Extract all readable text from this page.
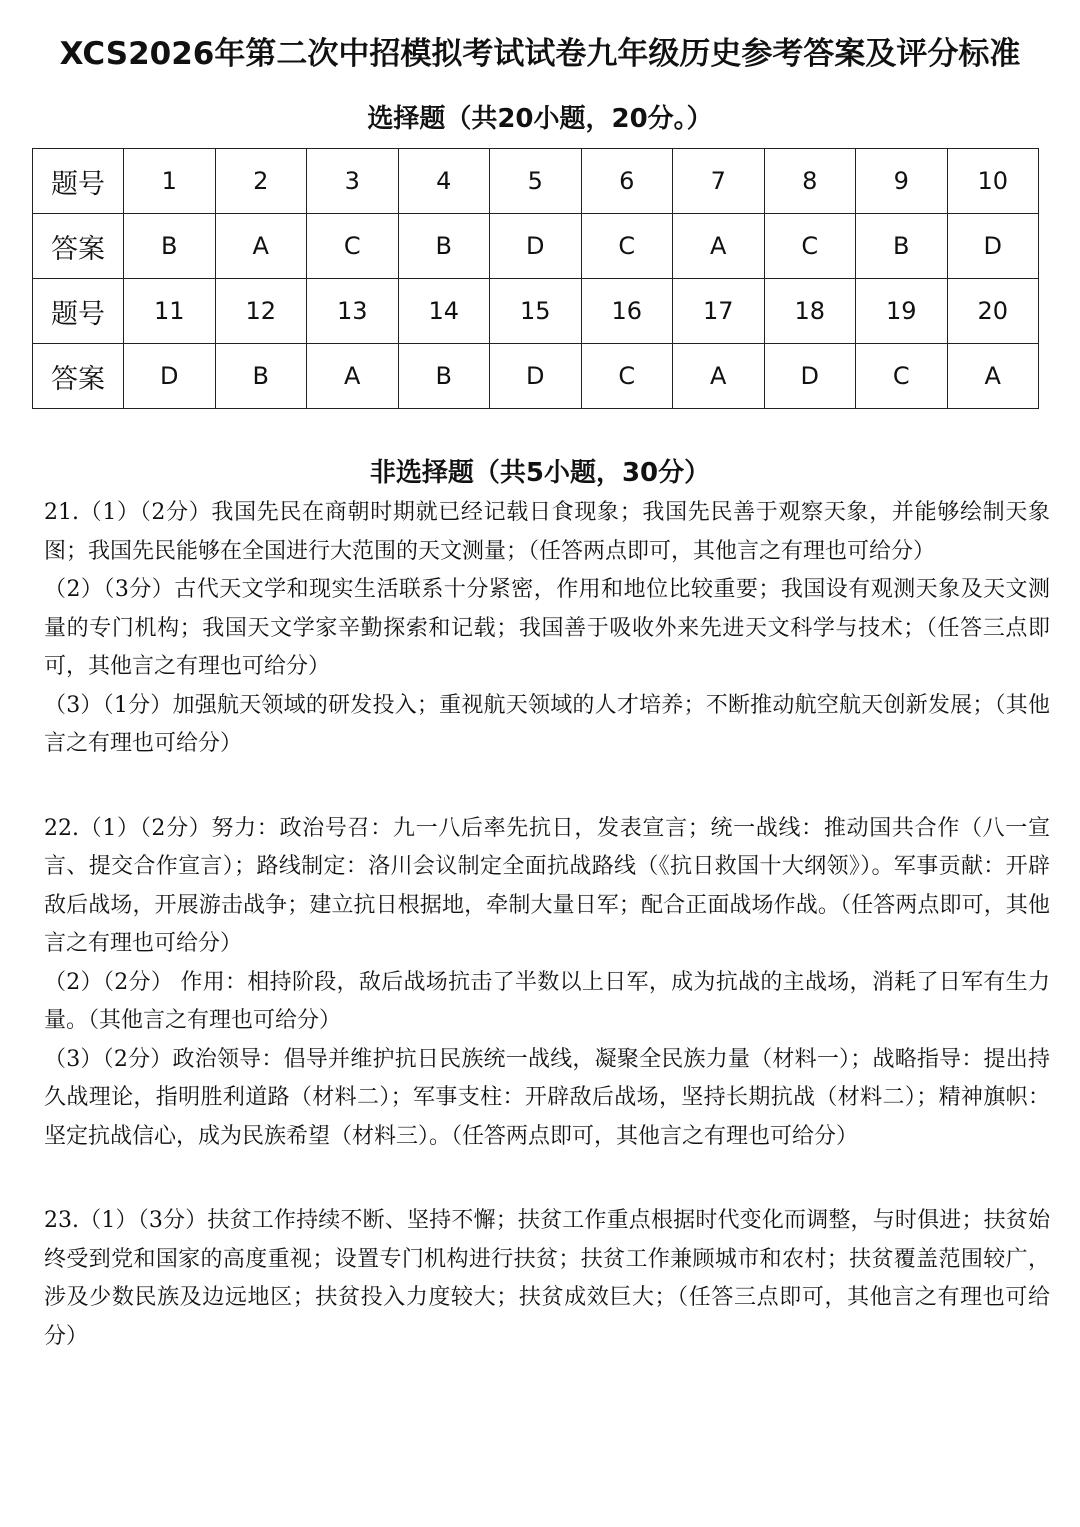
XCS2026年第二次中招模拟考试试卷九年级历史参考答案及评分标准
选择题（共20小题，20分。）
题号	1	2	3	4	5	6	7	8	9	10
答案	B	A	C	B	D	C	A	C	B	D
题号	11	12	13	14	15	16	17	18	19	20
答案	D	B	A	B	D	C	A	D	C	A
非选择题（共5小题，30分）

21.（1）（2分）我国先民在商朝时期就已经记载日食现象；我国先民善于观察天象，并能够绘制天象图；我国先民能够在全国进行大范围的天文测量；（任答两点即可，其他言之有理也可给分）

（2）（3分）古代天文学和现实生活联系十分紧密，作用和地位比较重要；我国设有观测天象及天文测量的专门机构；我国天文学家辛勤探索和记载；我国善于吸收外来先进天文科学与技术；（任答三点即可，其他言之有理也可给分）

（3）（1分）加强航天领域的研发投入；重视航天领域的人才培养；不断推动航空航天创新发展；（其他言之有理也可给分）

22.（1）（2分）努力：政治号召：九一八后率先抗日，发表宣言；统一战线：推动国共合作（八一宣言、提交合作宣言）；路线制定：洛川会议制定全面抗战路线（《抗日救国十大纲领》）。军事贡献：开辟敌后战场，开展游击战争；建立抗日根据地，牵制大量日军；配合正面战场作战。（任答两点即可，其他言之有理也可给分）

（2）（2分） 作用：相持阶段，敌后战场抗击了半数以上日军，成为抗战的主战场，消耗了日军有生力量。（其他言之有理也可给分）

（3）（2分）政治领导：倡导并维护抗日民族统一战线，凝聚全民族力量（材料一）；战略指导：提出持久战理论，指明胜利道路（材料二）；军事支柱：开辟敌后战场，坚持长期抗战（材料二）；精神旗帜：坚定抗战信心，成为民族希望（材料三）。（任答两点即可，其他言之有理也可给分）

23.（1）（3分）扶贫工作持续不断、坚持不懈；扶贫工作重点根据时代变化而调整，与时俱进；扶贫始终受到党和国家的高度重视；设置专门机构进行扶贫；扶贫工作兼顾城市和农村；扶贫覆盖范围较广，涉及少数民族及边远地区；扶贫投入力度较大；扶贫成效巨大；（任答三点即可，其他言之有理也可给分）
